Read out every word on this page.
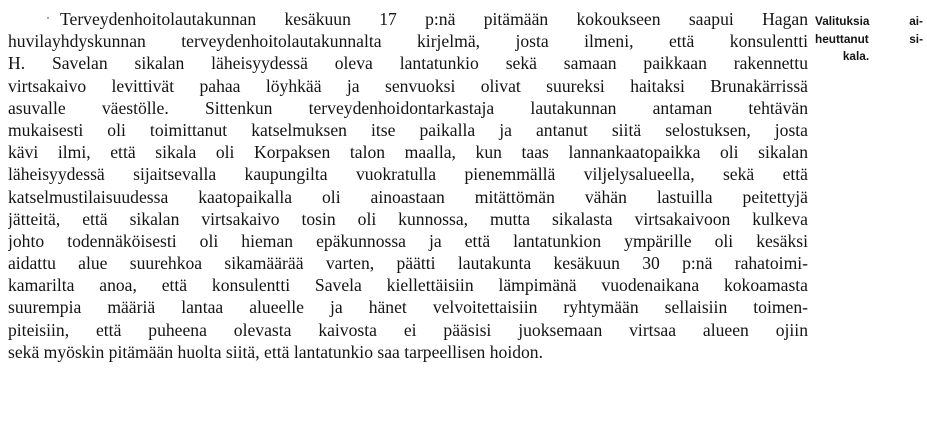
Terveydenhoitolautakunnan kesäkuun 17 p:nä pitämään kokoukseen saapui Hagan
huvilayhdyskunnan terveydenhoitolautakunnalta kirjelmä, josta ilmeni, että konsulentti
H. Savelan sikalan läheisyydessä oleva lantatunkio sekä samaan paikkaan rakennettu
virtsakaivo levittivät pahaa löyhkää ja senvuoksi olivat suureksi haitaksi Brunakärrissä
asuvalle väestölle. Sittenkun terveydenhoidontarkastaja lautakunnan antaman tehtävän
mukaisesti oli toimittanut katselmuksen itse paikalla ja antanut siitä selostuksen, josta
kävi ilmi, että sikala oli Korpaksen talon maalla, kun taas lannankaatopaikka oli sikalan
läheisyydessä sijaitsevalla kaupungilta vuokratulla pienemmällä viljelysalueella, sekä että
katselmustilaisuudessa kaatopaikalla oli ainoastaan mitättömän vähän lastuilla peitettyjä
jätteitä, että sikalan virtsakaivo tosin oli kunnossa, mutta sikalasta virtsakaivoon kulkeva
johto todennäköisesti oli hieman epäkunnossa ja että lantatunkion ympärille oli kesäksi
aidattu alue suurehkoa sikamäärää varten, päätti lautakunta kesäkuun 30 p:nä rahatoimi-
kamarilta anoa, että konsulentti Savela kiellettäisiin lämpimänä vuodenaikana kokoamasta
suurempia määriä lantaa alueelle ja hänet velvoitettaisiin ryhtymään sellaisiin toimen-
piteisiin, että puheena olevasta kaivosta ei pääsisi juoksemaan virtsaa alueen ojiin
sekä myöskin pitämään huolta siitä, että lantatunkio saa tarpeellisen hoidon.
Valituksia ai-
heuttanut si-
kala.
